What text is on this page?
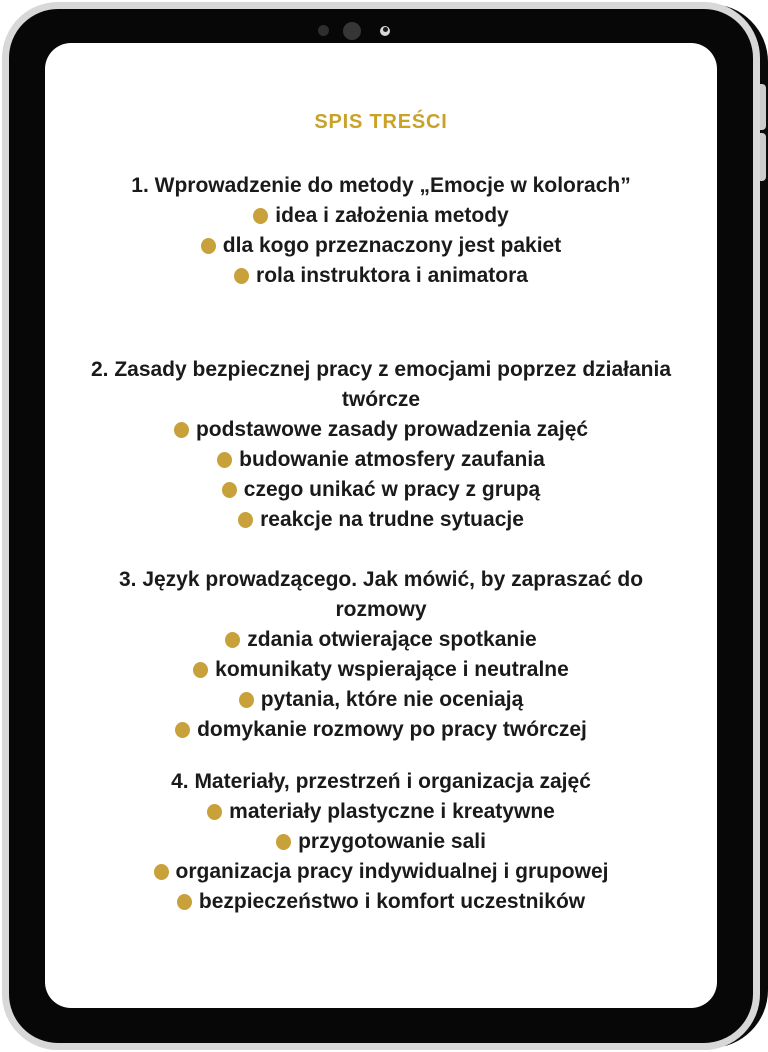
SPIS TREŚCI
1. Wprowadzenie do metody „Emocje w kolorach”
idea i założenia metody
dla kogo przeznaczony jest pakiet
rola instruktora i animatora
2. Zasady bezpiecznej pracy z emocjami poprzez działania twórcze
podstawowe zasady prowadzenia zajęć
budowanie atmosfery zaufania
czego unikać w pracy z grupą
reakcje na trudne sytuacje
3. Język prowadzącego. Jak mówić, by zapraszać do rozmowy
zdania otwierające spotkanie
komunikaty wspierające i neutralne
pytania, które nie oceniają
domykanie rozmowy po pracy twórczej
4. Materiały, przestrzeń i organizacja zajęć
materiały plastyczne i kreatywne
przygotowanie sali
organizacja pracy indywidualnej i grupowej
bezpieczeństwo i komfort uczestników
